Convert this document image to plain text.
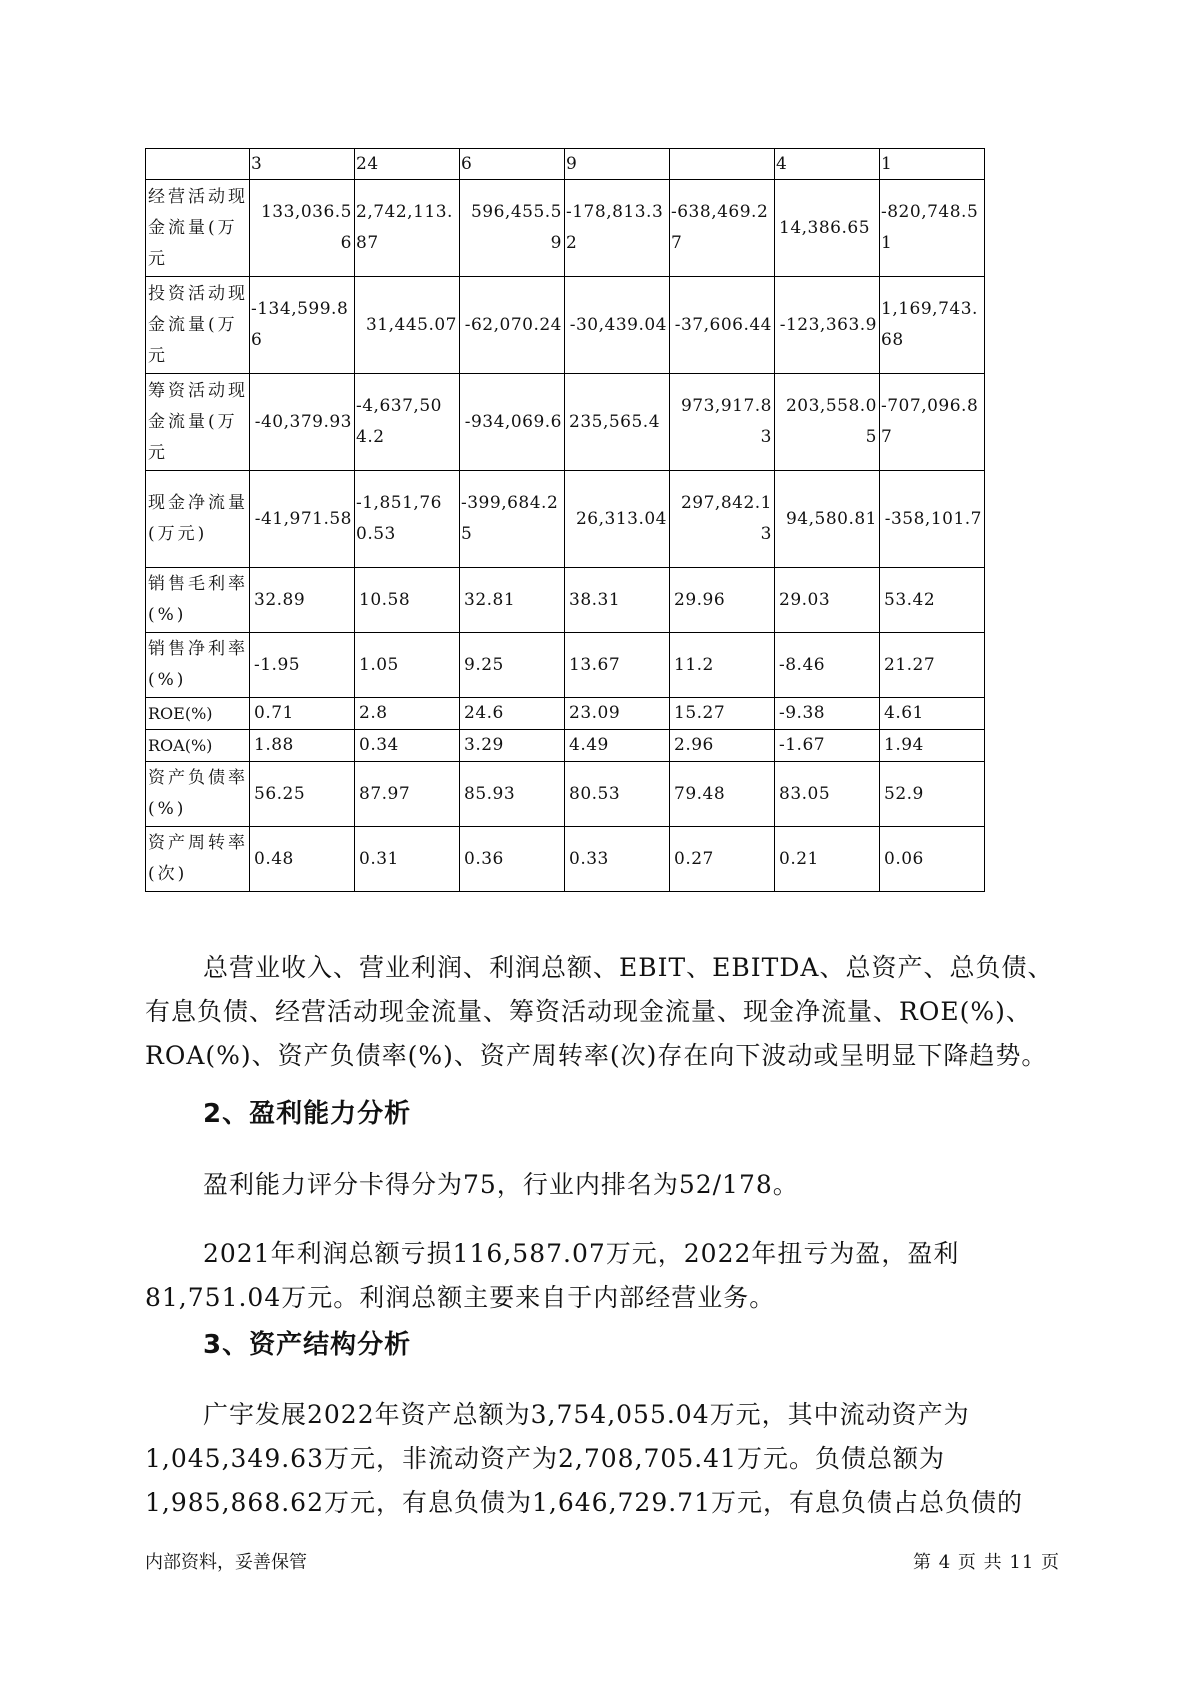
	3	24	6	9		4	1
经营活动现金流量(万元	133,036.56	2,742,113.87	596,455.59	-178,813.32	-638,469.27	14,386.65	-820,748.51
投资活动现金流量(万元	-134,599.86	31,445.07	-62,070.24	-30,439.04	-37,606.44	-123,363.9	1,169,743.68
筹资活动现金流量(万元	-40,379.93	-4,637,504.2	-934,069.6	235,565.4	973,917.83	203,558.05	-707,096.87
现金净流量(万元)	-41,971.58	-1,851,760.53	-399,684.25	26,313.04	297,842.13	94,580.81	-358,101.7
销售毛利率(%)	32.89	10.58	32.81	38.31	29.96	29.03	53.42
销售净利率(%)	-1.95	1.05	9.25	13.67	11.2	-8.46	21.27
ROE(%)	0.71	2.8	24.6	23.09	15.27	-9.38	4.61
ROA(%)	1.88	0.34	3.29	4.49	2.96	-1.67	1.94
资产负债率(%)	56.25	87.97	85.93	80.53	79.48	83.05	52.9
资产周转率(次)	0.48	0.31	0.36	0.33	0.27	0.21	0.06
总营业收入、营业利润、利润总额、EBIT、EBITDA、总资产、总负债、有息负债、经营活动现金流量、筹资活动现金流量、现金净流量、ROE(%)、ROA(%)、资产负债率(%)、资产周转率(次)存在向下波动或呈明显下降趋势。
2、盈利能力分析
盈利能力评分卡得分为75，行业内排名为52/178。
2021年利润总额亏损116,587.07万元，2022年扭亏为盈，盈利81,751.04万元。利润总额主要来自于内部经营业务。
3、资产结构分析
广宇发展2022年资产总额为3,754,055.04万元，其中流动资产为1,045,349.63万元，非流动资产为2,708,705.41万元。负债总额为1,985,868.62万元，有息负债为1,646,729.71万元，有息负债占总负债的
内部资料，妥善保管	第 4 页 共 11 页
